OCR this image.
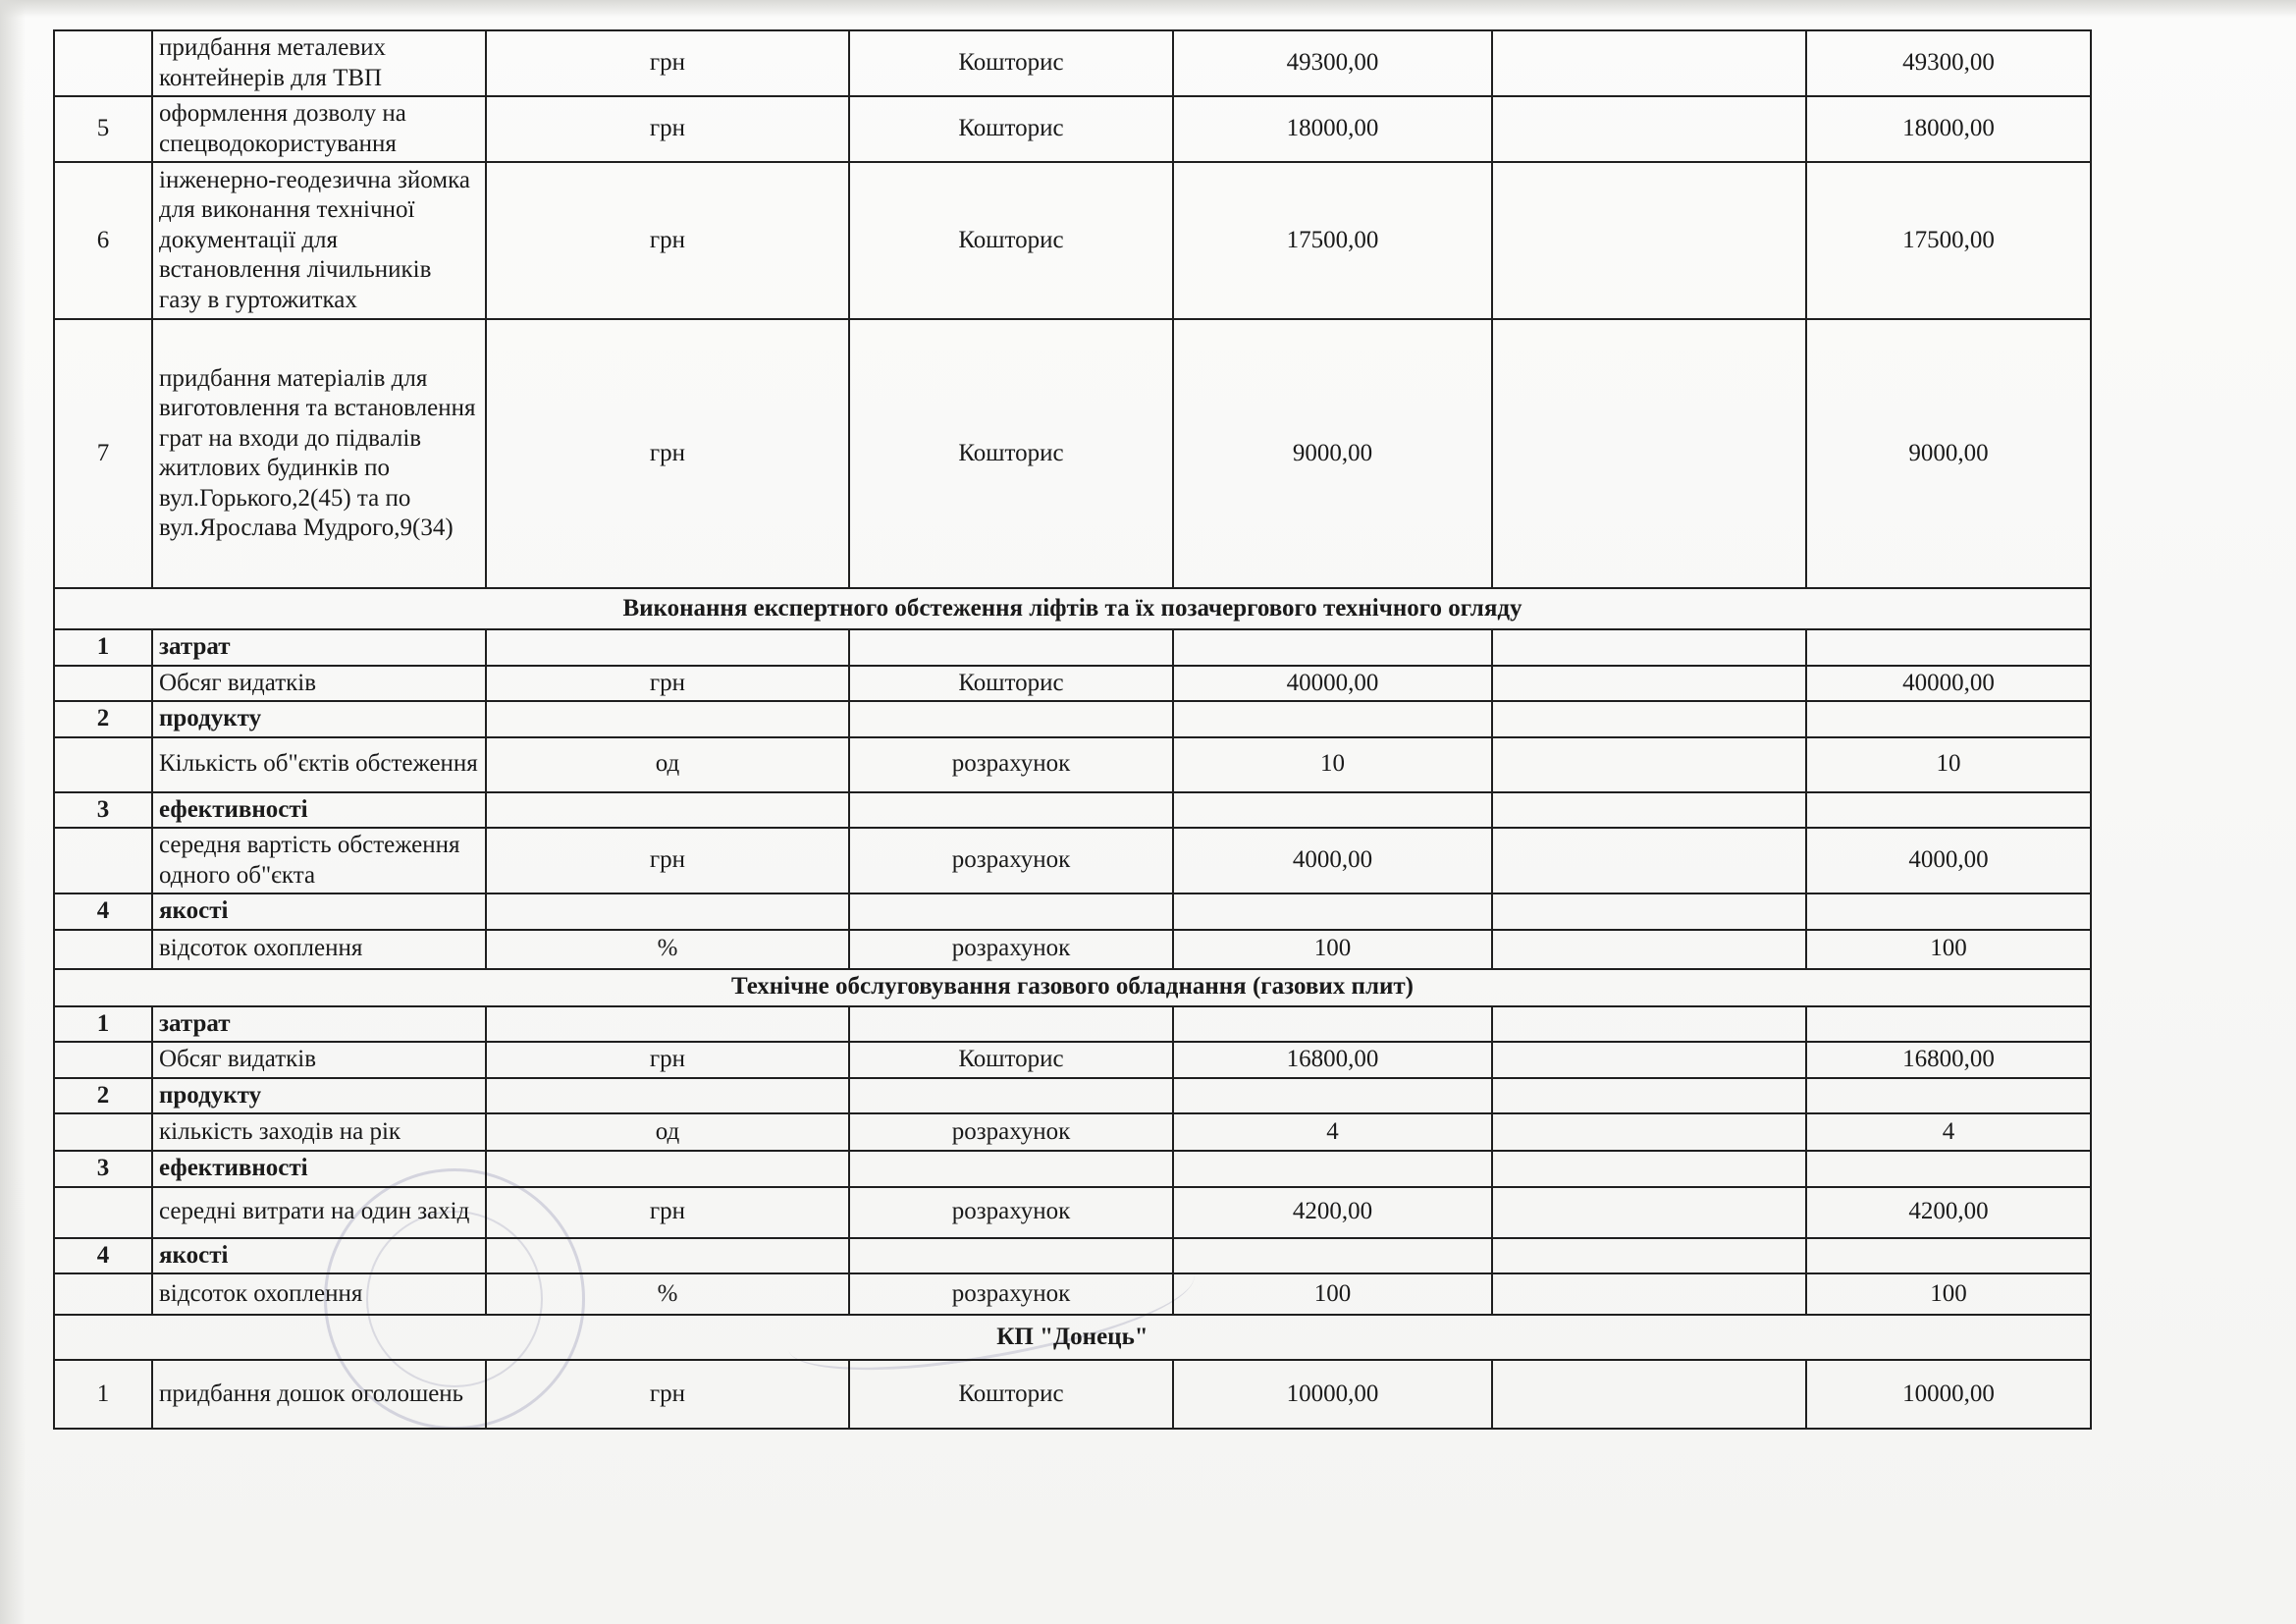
	придбання металевих контейнерів для ТВП	грн	Кошторис	49300,00		49300,00
5	оформлення дозволу на спецводокористування	грн	Кошторис	18000,00		18000,00
6	інженерно-геодезична зйомка для виконання технічної документації для встановлення лічильників газу в гуртожитках	грн	Кошторис	17500,00		17500,00
7	придбання матеріалів для виготовлення та встановлення грат на входи до підвалів житлових будинків по вул.Горького,2(45) та по вул.Ярослава Мудрого,9(34)	грн	Кошторис	9000,00		9000,00
Виконання експертного обстеження ліфтів та їх позачергового технічного огляду						
1	затрат					
	Обсяг видатків	грн	Кошторис	40000,00		40000,00
2	продукту					
	Кількість об"єктів обстеження	од	розрахунок	10		10
3	ефективності					
	середня вартість обстеження одного об"єкта	грн	розрахунок	4000,00		4000,00
4	якості					
	відсоток охоплення	%	розрахунок	100		100
Технічне обслуговування газового обладнання (газових плит)						
1	затрат					
	Обсяг видатків	грн	Кошторис	16800,00		16800,00
2	продукту					
	кількість заходів на рік	од	розрахунок	4		4
3	ефективності					
	середні витрати на один захід	грн	розрахунок	4200,00		4200,00
4	якості					
	відсоток охоплення	%	розрахунок	100		100
КП "Донець"						
1	придбання дошок оголошень	грн	Кошторис	10000,00		10000,00
